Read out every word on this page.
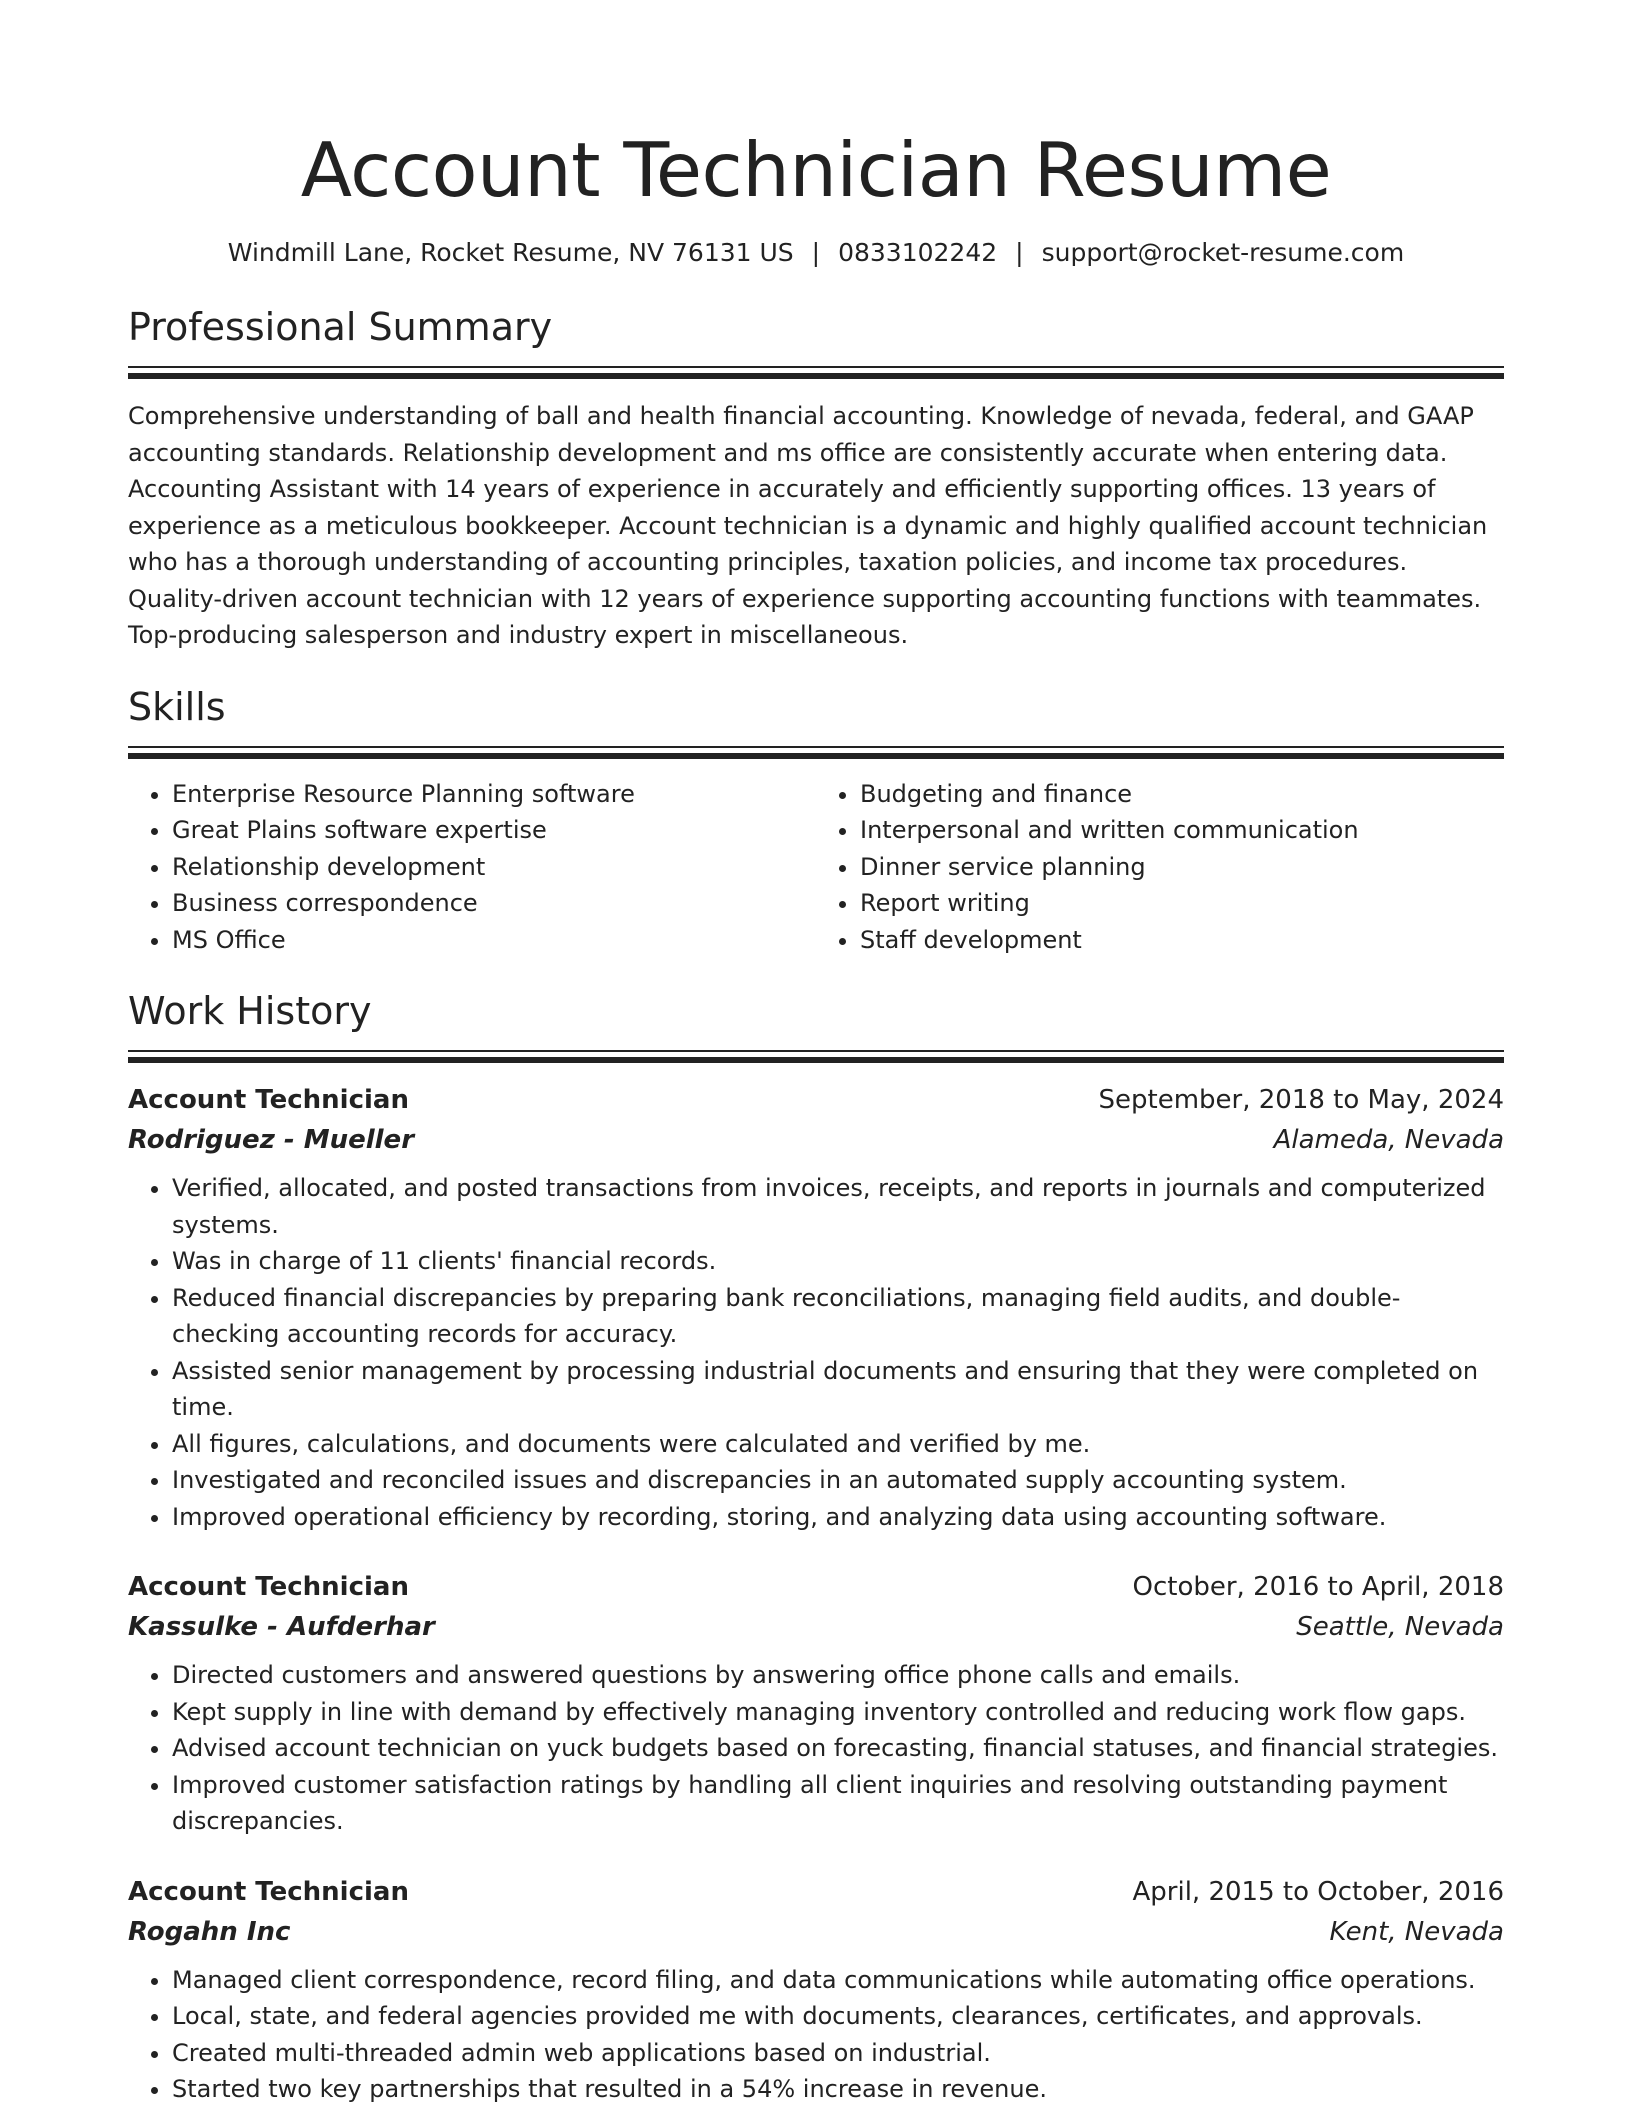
Account Technician Resume
Windmill Lane, Rocket Resume, NV 76131 US | 0833102242 | support@rocket-resume.com
Professional Summary

Comprehensive understanding of ball and health financial accounting. Knowledge of nevada, federal, and GAAP accounting standards. Relationship development and ms office are consistently accurate when entering data. Accounting Assistant with 14 years of experience in accurately and efficiently supporting offices. 13 years of experience as a meticulous bookkeeper. Account technician is a dynamic and highly qualified account technician who has a thorough understanding of accounting principles, taxation policies, and income tax procedures. Quality-driven account technician with 12 years of experience supporting accounting functions with teammates. Top-producing salesperson and industry expert in miscellaneous.

Skills
• Enterprise Resource Planning software
• Great Plains software expertise
• Relationship development
• Business correspondence
• MS Office
• Budgeting and finance
• Interpersonal and written communication
• Dinner service planning
• Report writing
• Staff development
Work History
Account Technician	September, 2018 to May, 2024
Rodriguez - Mueller	Alameda, Nevada
• Verified, allocated, and posted transactions from invoices, receipts, and reports in journals and computerized systems.
• Was in charge of 11 clients' financial records.
• Reduced financial discrepancies by preparing bank reconciliations, managing field audits, and double-checking accounting records for accuracy.
• Assisted senior management by processing industrial documents and ensuring that they were completed on time.
• All figures, calculations, and documents were calculated and verified by me.
• Investigated and reconciled issues and discrepancies in an automated supply accounting system.
• Improved operational efficiency by recording, storing, and analyzing data using accounting software.
Account Technician	October, 2016 to April, 2018
Kassulke - Aufderhar	Seattle, Nevada
• Directed customers and answered questions by answering office phone calls and emails.
• Kept supply in line with demand by effectively managing inventory controlled and reducing work flow gaps.
• Advised account technician on yuck budgets based on forecasting, financial statuses, and financial strategies.
• Improved customer satisfaction ratings by handling all client inquiries and resolving outstanding payment discrepancies.
Account Technician	April, 2015 to October, 2016
Rogahn Inc	Kent, Nevada
• Managed client correspondence, record filing, and data communications while automating office operations.
• Local, state, and federal agencies provided me with documents, clearances, certificates, and approvals.
• Created multi-threaded admin web applications based on industrial.
• Started two key partnerships that resulted in a 54% increase in revenue.
